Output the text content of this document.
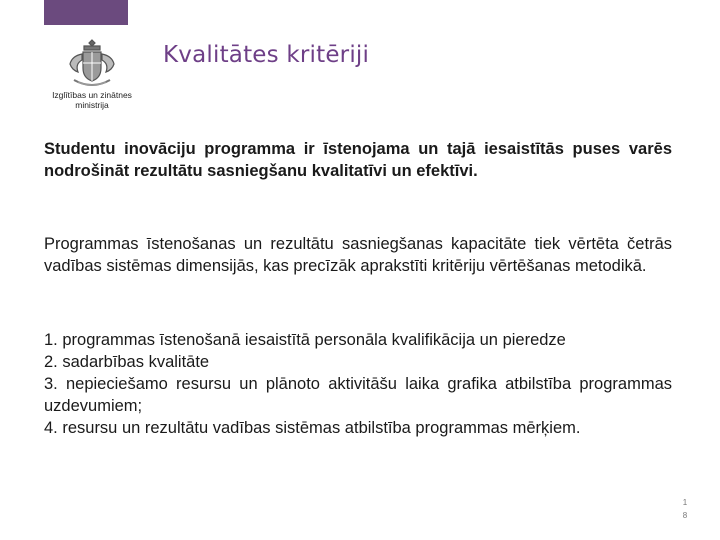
Izglītības un zinātnes
ministrija
Kvalitātes kritēriji
Studentu inovāciju programma ir īstenojama un tajā iesaistītās puses varēs nodrošināt rezultātu sasniegšanu kvalitatīvi un efektīvi.
Programmas īstenošanas un rezultātu sasniegšanas kapacitāte tiek vērtēta četrās vadības sistēmas dimensijās, kas precīzāk aprakstīti kritēriju vērtēšanas metodikā.

1. programmas īstenošanā iesaistītā personāla kvalifikācija un pieredze

2. sadarbības kvalitāte

3. nepieciešamo resursu un plānoto aktivitāšu laika grafika atbilstība programmas uzdevumiem;

4. resursu un rezultātu vadības sistēmas atbilstība programmas mērķiem.

1
8
